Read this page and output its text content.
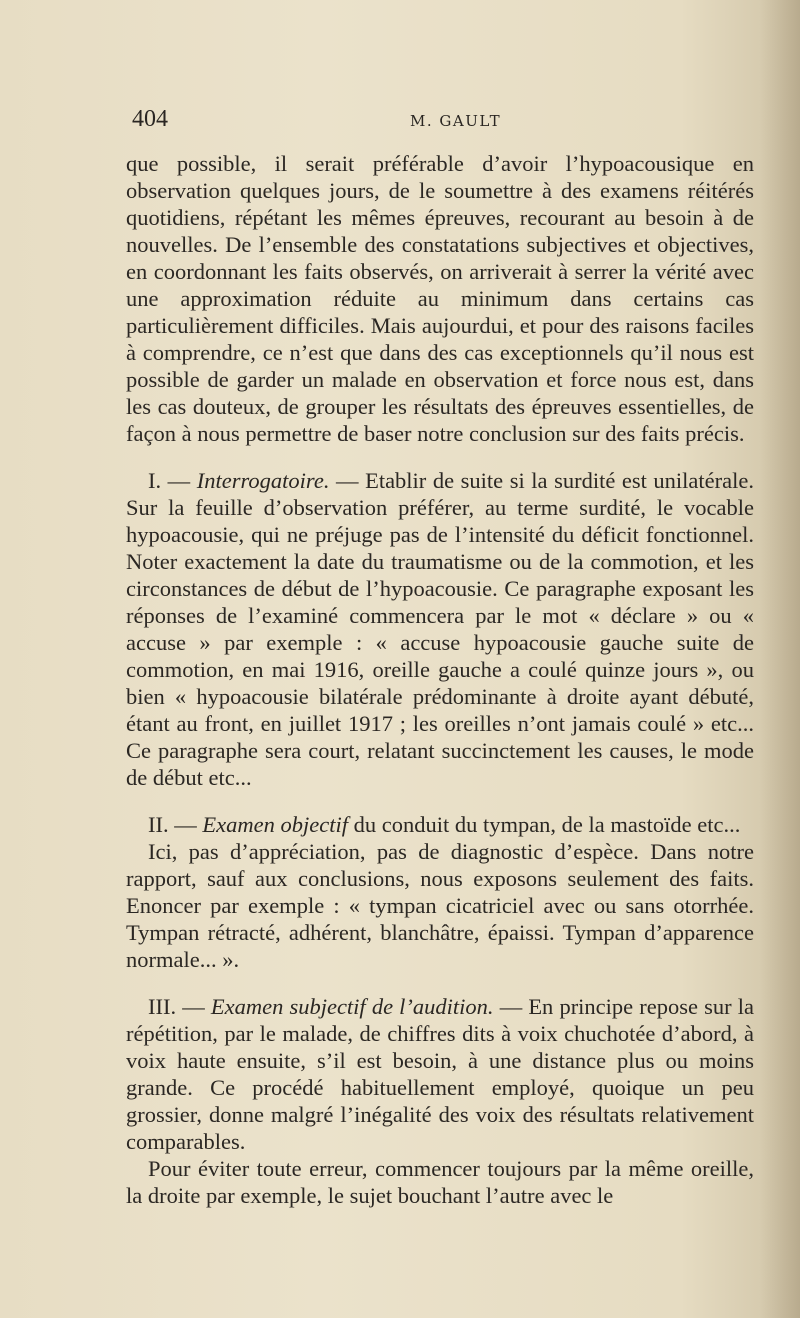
404	M. GAULT

que possible, il serait préférable d’avoir l’hypoacousique en observation quelques jours, de le soumettre à des examens réitérés quotidiens, répétant les mêmes épreuves, recourant au besoin à de nouvelles. De l’ensemble des constatations subjectives et objectives, en coordonnant les faits observés, on arriverait à serrer la vérité avec une approximation réduite au minimum dans certains cas particulièrement difficiles. Mais aujourdui, et pour des raisons faciles à comprendre, ce n’est que dans des cas exceptionnels qu’il nous est possible de garder un malade en observation et force nous est, dans les cas douteux, de grouper les résultats des épreuves essentielles, de façon à nous permettre de baser notre conclusion sur des faits précis.

I. — Interrogatoire. — Etablir de suite si la surdité est unilatérale. Sur la feuille d’observation préférer, au terme surdité, le vocable hypoacousie, qui ne préjuge pas de l’intensité du déficit fonctionnel. Noter exactement la date du traumatisme ou de la commotion, et les circonstances de début de l’hypoacousie. Ce paragraphe exposant les réponses de l’examiné commencera par le mot « déclare » ou « accuse » par exemple : « accuse hypoacousie gauche suite de commotion, en mai 1916, oreille gauche a coulé quinze jours », ou bien « hypoacousie bilatérale prédominante à droite ayant débuté, étant au front, en juillet 1917 ; les oreilles n’ont jamais coulé » etc... Ce paragraphe sera court, relatant succinctement les causes, le mode de début etc...

II. — Examen objectif du conduit du tympan, de la mastoïde etc...

Ici, pas d’appréciation, pas de diagnostic d’espèce. Dans notre rapport, sauf aux conclusions, nous exposons seulement des faits. Enoncer par exemple : « tympan cicatriciel avec ou sans otorrhée. Tympan rétracté, adhérent, blanchâtre, épaissi. Tympan d’apparence normale... ».

III. — Examen subjectif de l’audition. — En principe repose sur la répétition, par le malade, de chiffres dits à voix chuchotée d’abord, à voix haute ensuite, s’il est besoin, à une distance plus ou moins grande. Ce procédé habituellement employé, quoique un peu grossier, donne malgré l’inégalité des voix des résultats relativement comparables.

Pour éviter toute erreur, commencer toujours par la même oreille, la droite par exemple, le sujet bouchant l’autre avec le
